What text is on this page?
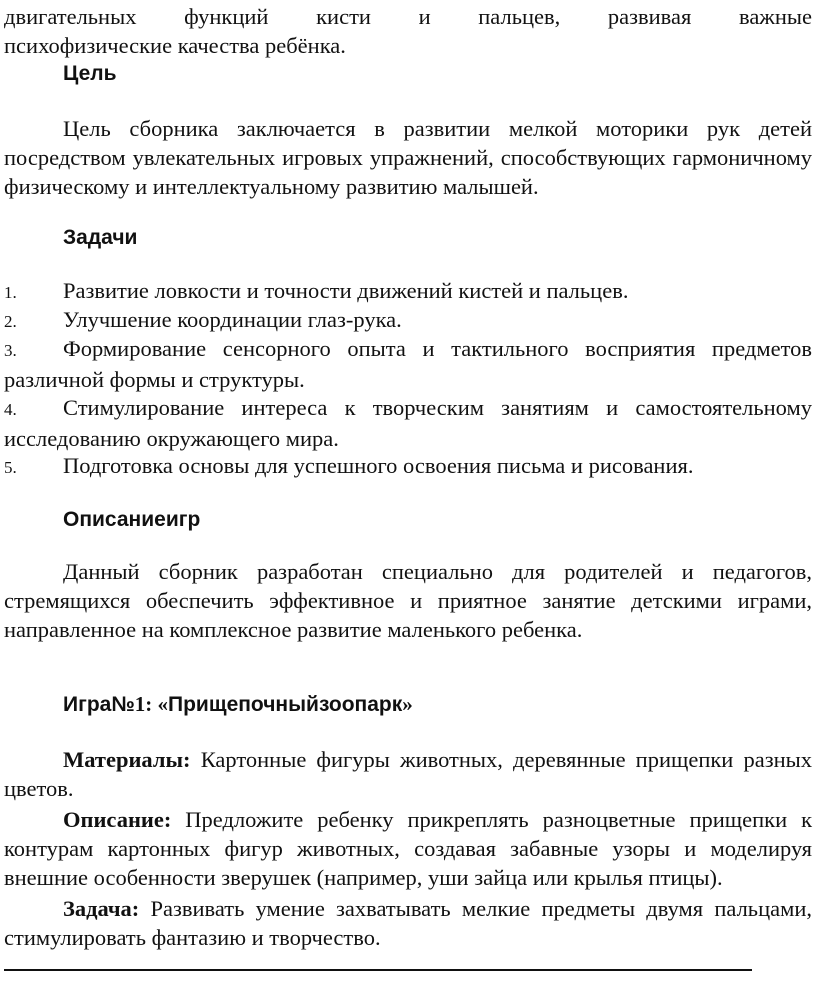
двигательных функций кисти и пальцев, развивая важные

психофизические качества ребёнка.

Цель

Цель сборника заключается в развитии мелкой моторики рук детей посредством увлекательных игровых упражнений, способствующих гармоничному физическому и интеллектуальному развитию малышей.

Задачи

1. Развитие ловкости и точности движений кистей и пальцев.

2. Улучшение координации глаз-рука.

3. Формирование сенсорного опыта и тактильного восприятия предметов различной формы и структуры.

4. Стимулирование интереса к творческим занятиям и самостоятельному исследованию окружающего мира.

5. Подготовка основы для успешного освоения письма и рисования.

Описаниеигр

Данный сборник разработан специально для родителей и педагогов, стремящихся обеспечить эффективное и приятное занятие детскими играми, направленное на комплексное развитие маленького ребенка.

Игра№1: «Прищепочныйзоопарк»

Материалы: Картонные фигуры животных, деревянные прищепки разных цветов.

Описание: Предложите ребенку прикреплять разноцветные прищепки к контурам картонных фигур животных, создавая забавные узоры и моделируя внешние особенности зверушек (например, уши зайца или крылья птицы).

Задача: Развивать умение захватывать мелкие предметы двумя пальцами, стимулировать фантазию и творчество.
